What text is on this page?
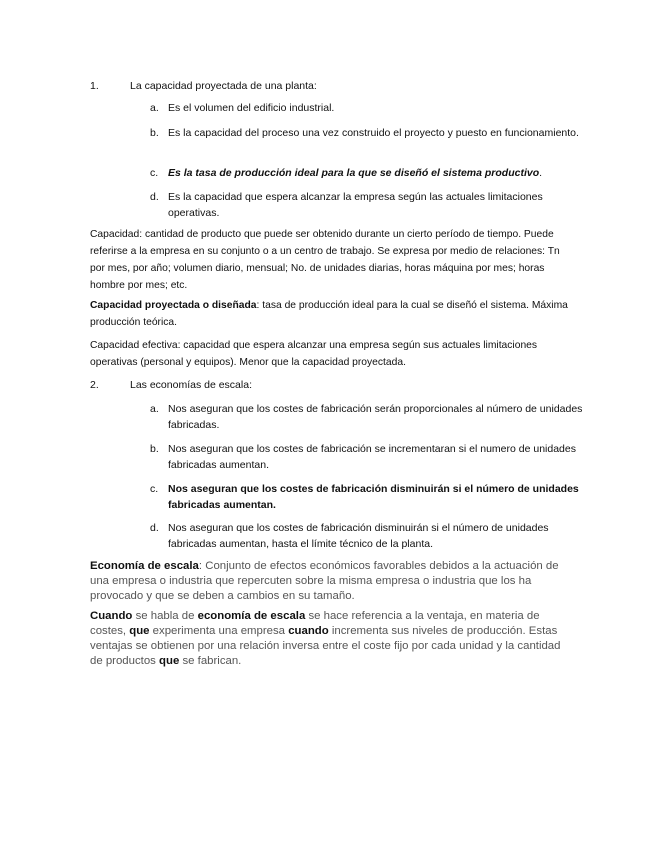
1.	La capacidad proyectada de una planta:
a. Es el volumen del edificio industrial.
b. Es la capacidad del proceso una vez construido el proyecto y puesto en funcionamiento.
c. Es la tasa de producción ideal para la que se diseñó el sistema productivo.
d. Es la capacidad que espera alcanzar la empresa según las actuales limitaciones operativas.
Capacidad: cantidad de producto que puede ser obtenido durante un cierto período de tiempo. Puede referirse a la empresa en su conjunto o a un centro de trabajo. Se expresa por medio de relaciones: Tn por mes, por año; volumen diario, mensual; No. de unidades diarias, horas máquina por mes; horas hombre por mes; etc.
Capacidad proyectada o diseñada: tasa de producción ideal para la cual se diseñó el sistema. Máxima producción teórica.
Capacidad efectiva: capacidad que espera alcanzar una empresa según sus actuales limitaciones operativas (personal y equipos). Menor que la capacidad proyectada.
2.	Las economías de escala:
a. Nos aseguran que los costes de fabricación serán proporcionales al número de unidades fabricadas.
b. Nos aseguran que los costes de fabricación se incrementaran si el numero de unidades fabricadas aumentan.
c. Nos aseguran que los costes de fabricación disminuirán si el número de unidades fabricadas aumentan.
d. Nos aseguran que los costes de fabricación disminuirán si el número de unidades fabricadas aumentan, hasta el límite técnico de la planta.
Economía de escala: Conjunto de efectos económicos favorables debidos a la actuación de una empresa o industria que repercuten sobre la misma empresa o industria que los ha provocado y que se deben a cambios en su tamaño.
Cuando se habla de economía de escala se hace referencia a la ventaja, en materia de costes, que experimenta una empresa cuando incrementa sus niveles de producción. Estas ventajas se obtienen por una relación inversa entre el coste fijo por cada unidad y la cantidad de productos que se fabrican.
